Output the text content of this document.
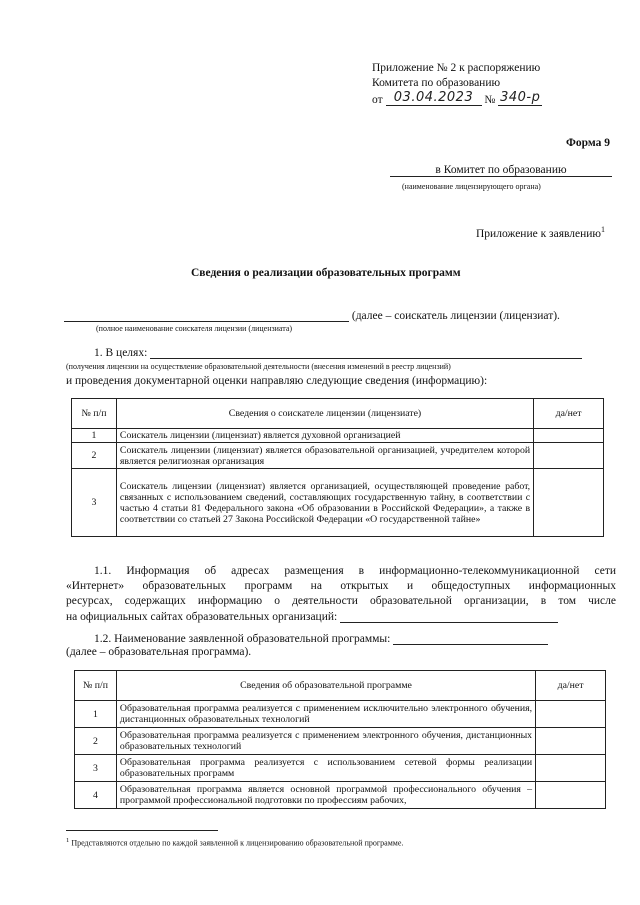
Приложение № 2 к распоряжению
Комитета по образованию
от 03.04.2023 № 340-р
Форма 9
в Комитет по образованию
(наименование лицензирующего органа)
Приложение к заявлению$^1$
Сведения о реализации образовательных программ
(далее – соискатель лицензии (лицензиат).
(полное наименование соискателя лицензии (лицензиата)
1. В целях:
(получения лицензии на осуществление образовательной деятельности (внесения изменений в реестр лицензий)
и проведения документарной оценки направляю следующие сведения (информацию):
№ п/п	Сведения о соискателе лицензии (лицензиате)	да/нет
1	Соискатель лицензии (лицензиат) является духовной организацией	
2	Соискатель лицензии (лицензиат) является образовательной организацией, учредителем которой является религиозная организация	
3	Соискатель лицензии (лицензиат) является организацией, осуществляющей проведение работ, связанных с использованием сведений, составляющих государственную тайну, в соответствии с частью 4 статьи 81 Федерального закона «Об образовании в Российской Федерации», а также в соответствии со статьей 27 Закона Российской Федерации «О государственной тайне»	
1.1. Информация об адресах размещения в информационно-телекоммуникационной сети
«Интернет» образовательных программ на открытых и общедоступных информационных
ресурсах, содержащих информацию о деятельности образовательной организации, в том числе
на официальных сайтах образовательных организаций:
1.2. Наименование заявленной образовательной программы:
(далее – образовательная программа).
№ п/п	Сведения об образовательной программе	да/нет
1	Образовательная программа реализуется с применением исключительно электронного обучения, дистанционных образовательных технологий	
2	Образовательная программа реализуется с применением электронного обучения, дистанционных образовательных технологий	
3	Образовательная программа реализуется с использованием сетевой формы реализации образовательных программ	
4	Образовательная программа является основной программой профессионального обучения – программой профессиональной подготовки по профессиям рабочих,	
$^1$ Представляются отдельно по каждой заявленной к лицензированию образовательной программе.
